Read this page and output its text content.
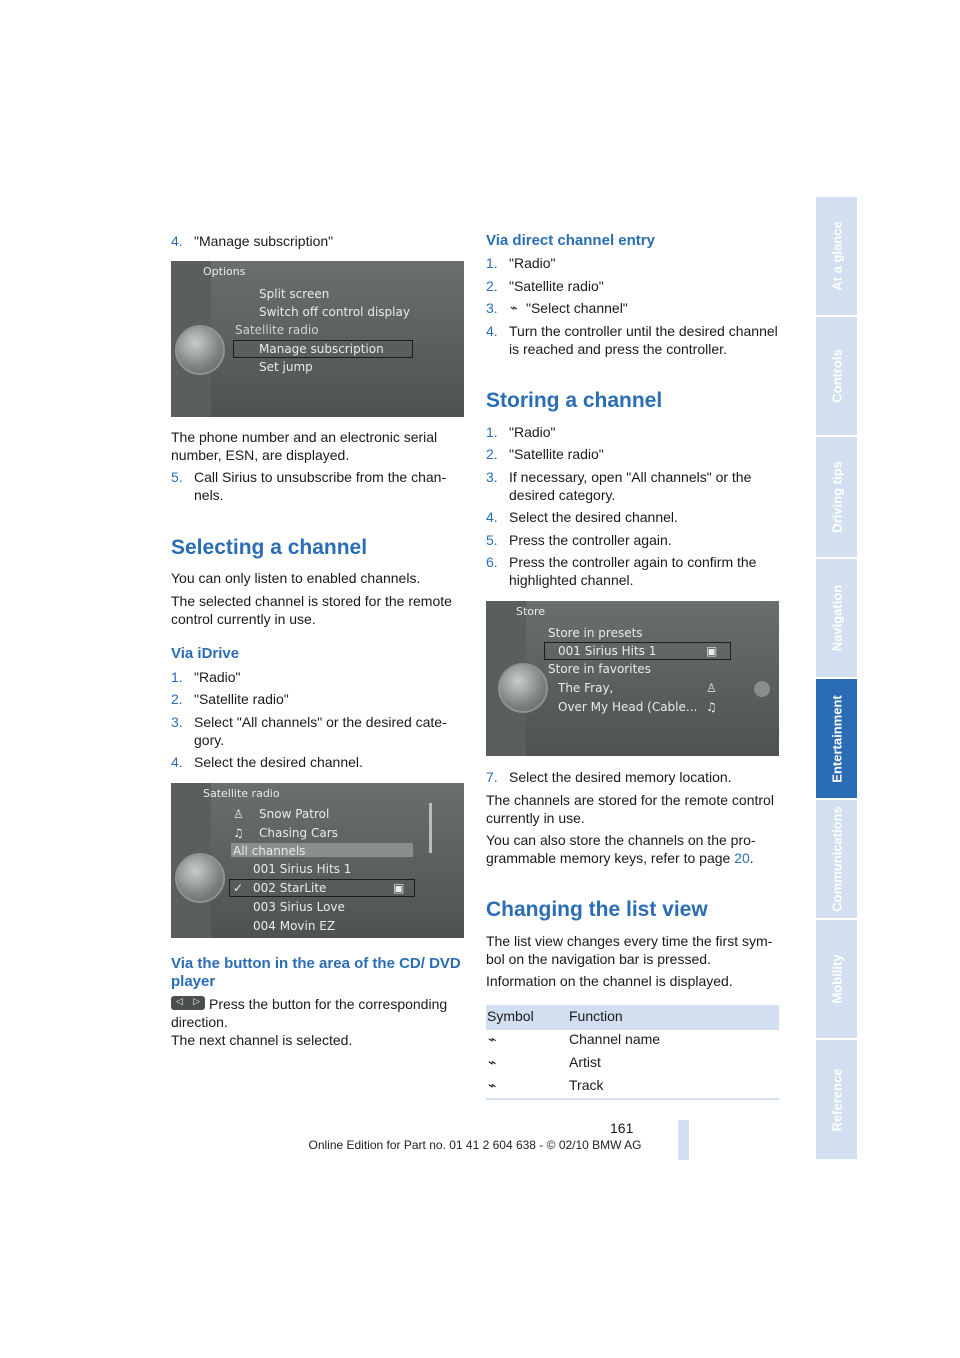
4. "Manage subscription"
Options
Split screen
Switch off control display
Satellite radio
Manage subscription
Set jump

The phone number and an electronic serial number, ESN, are displayed.

5. Call Sirius to unsubscribe from the chan-nels.
Selecting a channel

You can only listen to enabled channels.

The selected channel is stored for the remote control currently in use.

Via iDrive
1. "Radio"
2. "Satellite radio"
3. Select "All channels" or the desired cate-gory.
4. Select the desired channel.
Satellite radio
♙ Snow Patrol
♫ Chasing Cars
All channels
001 Sirius Hits 1
✓ 002 StarLite	▣
003 Sirius Love
004 Movin EZ
Via the button in the area of the CD/ DVD player
◁ ▷ Press the button for the corresponding direction.

The next channel is selected.

Via direct channel entry
1. "Radio"
2. "Satellite radio"
3.	"Select channel"
⌁
4. Turn the controller until the desired channel is reached and press the controller.
Storing a channel
1. "Radio"
2. "Satellite radio"
3. If necessary, open "All channels" or the desired category.
4. Select the desired channel.
5. Press the controller again.
6. Press the controller again to confirm the highlighted channel.
Store
Store in presets
001 Sirius Hits 1	▣
Store in favorites
The Fray,	♙
Over My Head (Cable... ♫
7. Select the desired memory location.

The channels are stored for the remote control currently in use.

You can also store the channels on the pro-grammable memory keys, refer to page 20.

Changing the list view

The list view changes every time the first sym-bol on the navigation bar is pressed.

Information on the channel is displayed.

Symbol	Function
⌁	Channel name
⌁	Artist
⌁	Track
At a glance
Controls
Driving tips
Navigation
Entertainment
Communications
Mobility
Reference
161
Online Edition for Part no. 01 41 2 604 638 - © 02/10 BMW AG
